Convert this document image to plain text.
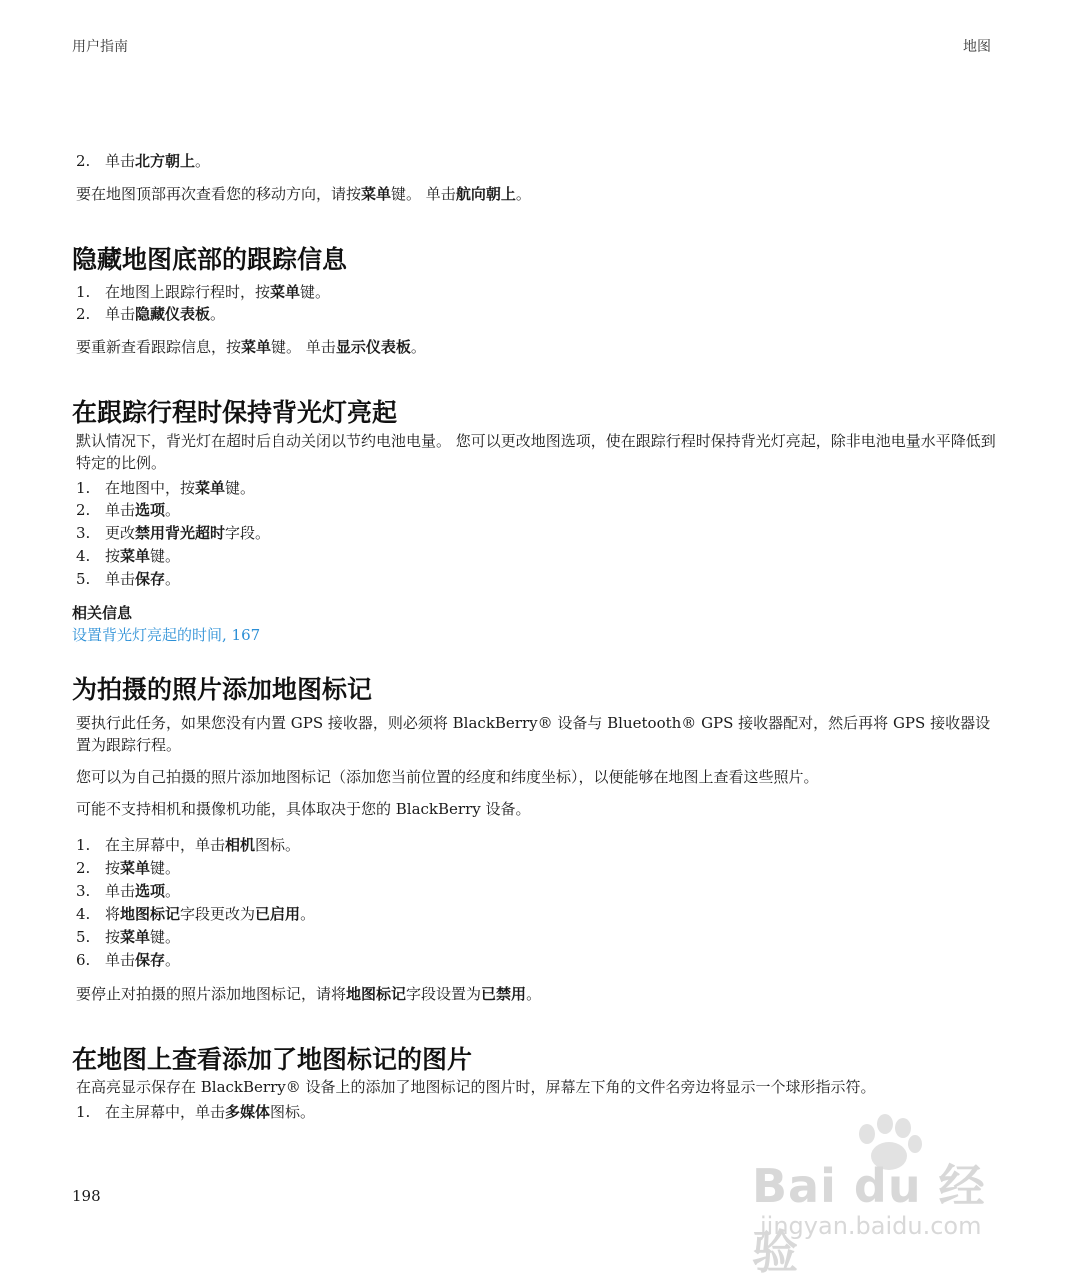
用户指南	地图
2. 单击北方朝上。
要在地图顶部再次查看您的移动方向，请按菜单键。 单击航向朝上。
隐藏地图底部的跟踪信息
1. 在地图上跟踪行程时，按菜单键。
2. 单击隐藏仪表板。
要重新查看跟踪信息，按菜单键。 单击显示仪表板。
在跟踪行程时保持背光灯亮起
默认情况下，背光灯在超时后自动关闭以节约电池电量。 您可以更改地图选项，使在跟踪行程时保持背光灯亮起，除非电池电量水平降低到特定的比例。
1. 在地图中，按菜单键。
2. 单击选项。
3. 更改禁用背光超时字段。
4. 按菜单键。
5. 单击保存。
相关信息
设置背光灯亮起的时间, 167
为拍摄的照片添加地图标记
要执行此任务，如果您没有内置 GPS 接收器，则必须将 BlackBerry® 设备与 Bluetooth® GPS 接收器配对，然后再将 GPS 接收器设置为跟踪行程。
您可以为自己拍摄的照片添加地图标记（添加您当前位置的经度和纬度坐标），以便能够在地图上查看这些照片。
可能不支持相机和摄像机功能，具体取决于您的 BlackBerry 设备。
1. 在主屏幕中，单击相机图标。
2. 按菜单键。
3. 单击选项。
4. 将地图标记字段更改为已启用。
5. 按菜单键。
6. 单击保存。
要停止对拍摄的照片添加地图标记，请将地图标记字段设置为已禁用。
在地图上查看添加了地图标记的图片
在高亮显示保存在 BlackBerry® 设备上的添加了地图标记的图片时，屏幕左下角的文件名旁边将显示一个球形指示符。
1. 在主屏幕中，单击多媒体图标。
198	Bai du 经验
jingyan.baidu.com
